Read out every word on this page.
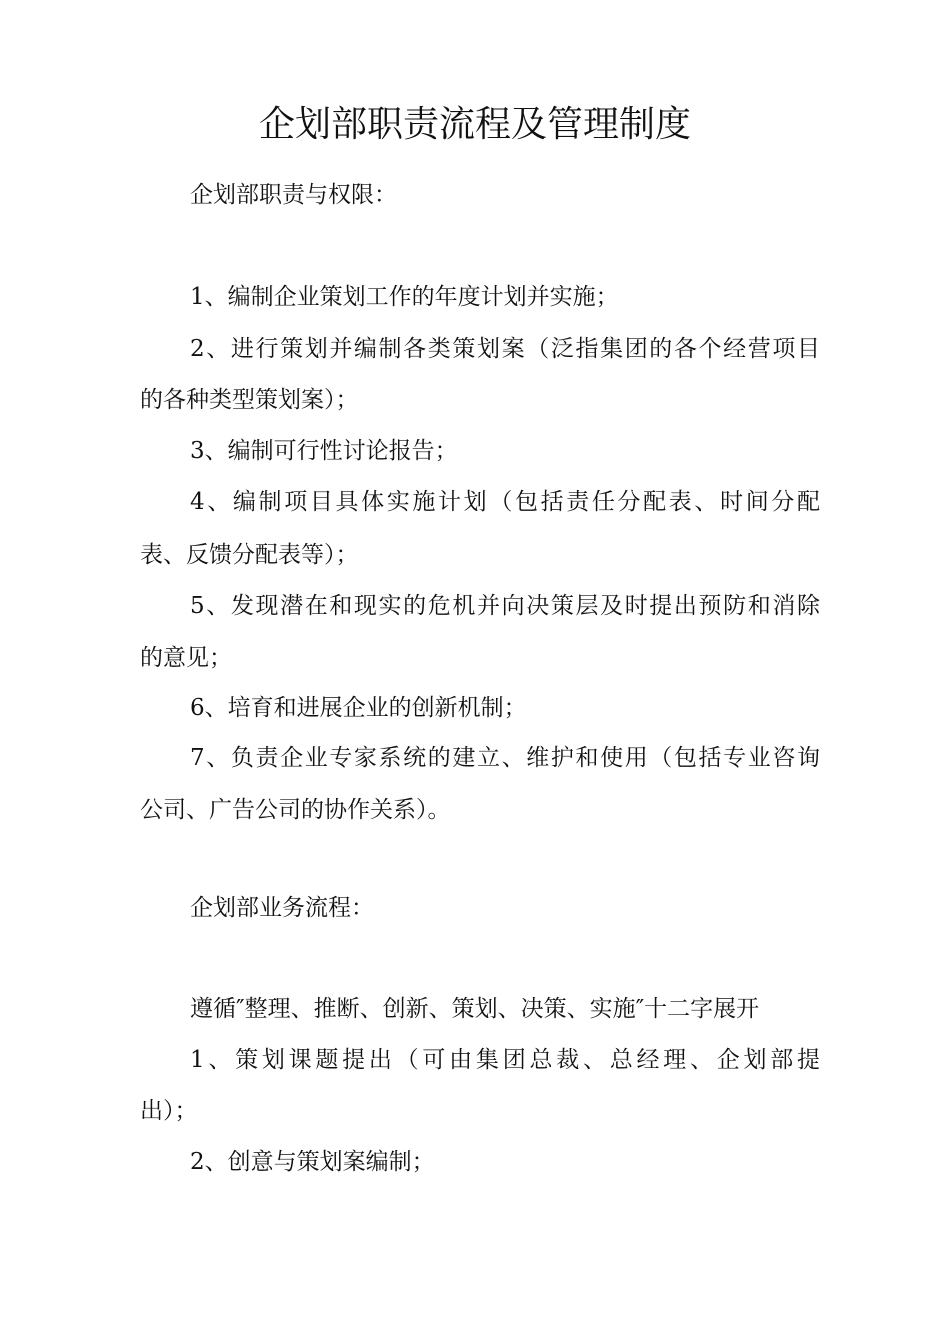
企划部职责流程及管理制度
企划部职责与权限：
1、编制企业策划工作的年度计划并实施；
2、进行策划并编制各类策划案（泛指集团的各个经营项目
的各种类型策划案）；
3、编制可行性讨论报告；
4、编制项目具体实施计划（包括责任分配表、时间分配
表、反馈分配表等）；
5、发现潜在和现实的危机并向决策层及时提出预防和消除
的意见；
6、培育和进展企业的创新机制；
7、负责企业专家系统的建立、维护和使用（包括专业咨询
公司、广告公司的协作关系）。
企划部业务流程：
遵循″整理、推断、创新、策划、决策、实施″十二字展开
1、策划课题提出（可由集团总裁、总经理、企划部提
出）；
2、创意与策划案编制；
